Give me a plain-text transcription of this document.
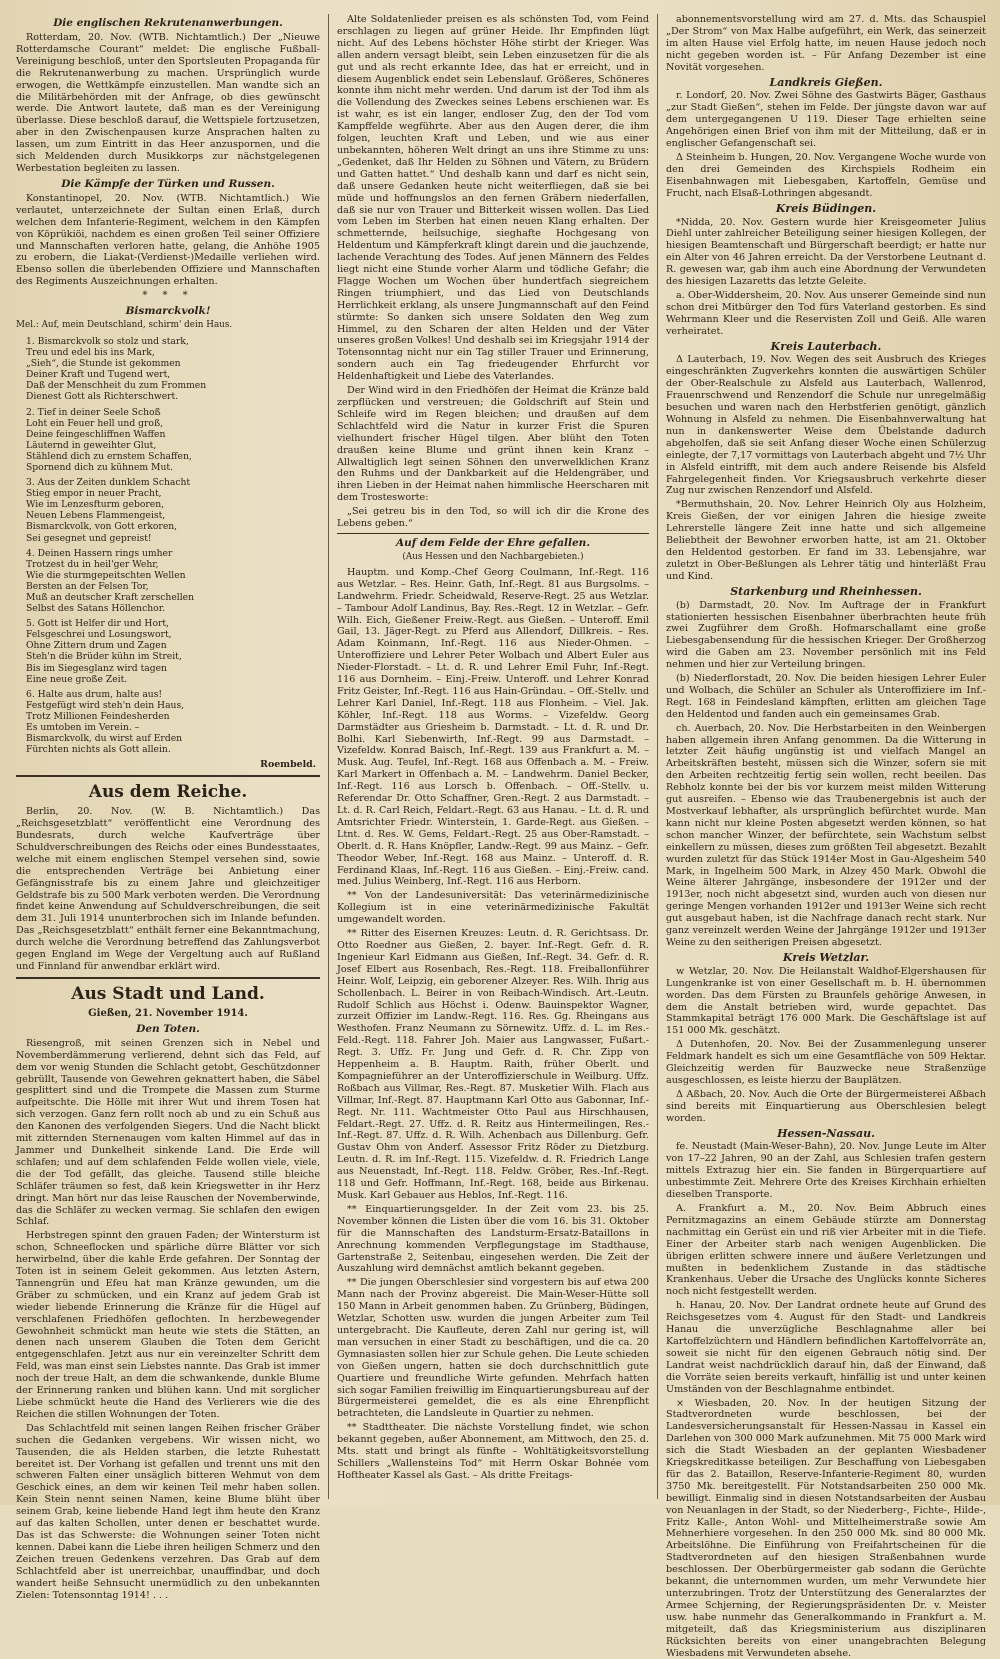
Die englischen Rekrutenanwerbungen.

Rotterdam, 20. Nov. (WTB. Nichtamtlich.) Der „Nieuwe Rotterdamsche Courant“ meldet: Die englische Fußball-Vereinigung beschloß, unter den Sportsleuten Propaganda für die Rekrutenanwerbung zu machen. Ursprünglich wurde erwogen, die Wettkämpfe einzustellen. Man wandte sich an die Militärbehörden mit der Anfrage, ob dies gewünscht werde. Die Antwort lautete, daß man es der Vereinigung überlasse. Diese beschloß darauf, die Wettspiele fortzusetzen, aber in den Zwischenpausen kurze Ansprachen halten zu lassen, um zum Eintritt in das Heer anzuspornen, und die sich Meldenden durch Musikkorps zur nächstgelegenen Werbestation begleiten zu lassen.

Die Kämpfe der Türken und Russen.

Konstantinopel, 20. Nov. (WTB. Nichtamtlich.) Wie verlautet, unterzeichnete der Sultan einen Erlaß, durch welchen dem Infanterie-Regiment, welchem in den Kämpfen von Köprükiöi, nachdem es einen großen Teil seiner Offiziere und Mannschaften verloren hatte, gelang, die Anhöhe 1905 zu erobern, die Liakat-(Verdienst-)Medaille verliehen wird. Ebenso sollen die überlebenden Offiziere und Mannschaften des Regiments Auszeichnungen erhalten.

* * *
Bismarckvolk!
Mel.: Auf, mein Deutschland, schirm' dein Haus.
1. Bismarckvolk so stolz und stark,
Treu und edel bis ins Mark,
„Sieh“, die Stunde ist gekommen
Deiner Kraft und Tugend wert,
Daß der Menschheit du zum Frommen
Dienest Gott als Richterschwert.
2. Tief in deiner Seele Schoß
Loht ein Feuer hell und groß,
Deine feingeschliffnen Waffen
Läuternd in geweihter Glut,
Stählend dich zu ernstem Schaffen,
Spornend dich zu kühnem Mut.
3. Aus der Zeiten dunklem Schacht
Stieg empor in neuer Pracht,
Wie im Lenzesfturm geboren,
Neuen Lebens Flammengeist,
Bismarckvolk, von Gott erkoren,
Sei gesegnet und gepreist!
4. Deinen Hassern rings umher
Trotzest du in heil'ger Wehr,
Wie die sturmgepeitschten Wellen
Bersten an der Felsen Tor,
Muß an deutscher Kraft zerschellen
Selbst des Satans Höllenchor.
5. Gott ist Helfer dir und Hort,
Felsgeschrei und Losungswort,
Ohne Zittern drum und Zagen
Steh'n die Brüder kühn im Streit,
Bis im Siegesglanz wird tagen
Eine neue große Zeit.
6. Halte aus drum, halte aus!
Festgefügt wird steh'n dein Haus,
Trotz Millionen Feindesherden
Es umtoben im Verein. –
Bismarckvolk, du wirst auf Erden
Fürchten nichts als Gott allein.
Roembeld.
Aus dem Reiche.

Berlin, 20. Nov. (W. B. Nichtamtlich.) Das „Reichsgesetzblatt“ veröffentlicht eine Verordnung des Bundesrats, durch welche Kaufverträge über Schuldverschreibungen des Reichs oder eines Bundesstaates, welche mit einem englischen Stempel versehen sind, sowie die entsprechenden Verträge bei Anbietung einer Gefängnisstrafe bis zu einem Jahre und gleichzeitiger Geldstrafe bis zu 500 Mark verboten werden. Die Verordnung findet keine Anwendung auf Schuldverschreibungen, die seit dem 31. Juli 1914 ununterbrochen sich im Inlande befunden. Das „Reichsgesetzblatt“ enthält ferner eine Bekanntmachung, durch welche die Verordnung betreffend das Zahlungsverbot gegen England im Wege der Vergeltung auch auf Rußland und Finnland für anwendbar erklärt wird.

Aus Stadt und Land.
Gießen, 21. November 1914.
Den Toten.

Riesengroß, mit seinen Grenzen sich in Nebel und Novemberdämmerung verlierend, dehnt sich das Feld, auf dem vor wenig Stunden die Schlacht getobt, Geschützdonner gebrüllt, Tausende von Gewehren geknattert haben, die Säbel gesplittert sind und die Trompete die Massen zum Sturme aufpeitschte. Die Hölle mit ihrer Wut und ihrem Tosen hat sich verzogen. Ganz fern rollt noch ab und zu ein Schuß aus den Kanonen des verfolgenden Siegers. Und die Nacht blickt mit zitternden Sternenaugen vom kalten Himmel auf das in Jammer und Dunkelheit sinkende Land. Die Erde will schlafen; und auf dem schlafenden Felde wollen viele, viele, die der Tod gefällt, das gleiche. Tausend stille bleiche Schläfer träumen so fest, daß kein Kriegswetter in ihr Herz dringt. Man hört nur das leise Rauschen der Novemberwinde, das die Schläfer zu wecken vermag. Sie schlafen den ewigen Schlaf.

Herbstregen spinnt den grauen Faden; der Wintersturm ist schon, Schneeflocken und spärliche dürre Blätter vor sich herwirbelnd, über die kahle Erde gefahren. Der Sonntag der Toten ist in seinem Geleit gekommen. Aus letzten Astern, Tannengrün und Efeu hat man Kränze gewunden, um die Gräber zu schmücken, und ein Kranz auf jedem Grab ist wieder liebende Erinnerung die Kränze für die Hügel auf verschlafenen Friedhöfen geflochten. In herzbewegender Gewohnheit schmückt man heute wie stets die Stätten, an denen nach unserem Glauben die Toten dem Gericht entgegenschlafen. Jetzt aus nur ein vereinzelter Schritt dem Feld, was man einst sein Liebstes nannte. Das Grab ist immer noch der treue Halt, an dem die schwankende, dunkle Blume der Erinnerung ranken und blühen kann. Und mit sorglicher Liebe schmückt heute die Hand des Verlierers wie die des Reichen die stillen Wohnungen der Toten.

Das Schlachtfeld mit seinen langen Reihen frischer Gräber suchen die Gedanken vergebens. Wir wissen nicht, wo Tausenden, die als Helden starben, die letzte Ruhestatt bereitet ist. Der Vorhang ist gefallen und trennt uns mit den schweren Falten einer unsäglich bitteren Wehmut von dem Geschick eines, an dem wir keinen Teil mehr haben sollen. Kein Stein nennt seinen Namen, keine Blume blüht über seinem Grab, keine liebende Hand legt ihm heute den Kranz auf das kalten Schollen, unter denen er beschattet wurde. Das ist das Schwerste: die Wohnungen seiner Toten nicht kennen. Dabei kann die Liebe ihren heiligen Schmerz und den Zeichen treuen Gedenkens verzehren. Das Grab auf dem Schlachtfeld aber ist unerreichbar, unauffindbar, und doch wandert heiße Sehnsucht unermüdlich zu den unbekannten Zielen: Totensonntag 1914! . . .

Alte Soldatenlieder preisen es als schönsten Tod, vom Feind erschlagen zu liegen auf grüner Heide. Ihr Empfinden lügt nicht. Auf des Lebens höchster Höhe stirbt der Krieger. Was allen andern versagt bleibt, sein Leben einzusetzen für die als gut und als recht erkannte Idee, das hat er erreicht, und in diesem Augenblick endet sein Lebenslauf. Größeres, Schöneres konnte ihm nicht mehr werden. Und darum ist der Tod ihm als die Vollendung des Zweckes seines Lebens erschienen war. Es ist wahr, es ist ein langer, endloser Zug, den der Tod vom Kampffelde wegführte. Aber aus den Augen derer, die ihm folgen, leuchten Kraft und Leben, und wie aus einer unbekannten, höheren Welt dringt an uns ihre Stimme zu uns: „Gedenket, daß Ihr Helden zu Söhnen und Vätern, zu Brüdern und Gatten hattet.“ Und deshalb kann und darf es nicht sein, daß unsere Gedanken heute nicht weiterfliegen, daß sie bei müde und hoffnungslos an den fernen Gräbern niederfallen, daß sie nur von Trauer und Bitterkeit wissen wollen. Das Lied vom Leben im Sterben hat einen neuen Klang erhalten. Der schmetternde, heilsuchige, sieghafte Hochgesang von Heldentum und Kämpferkraft klingt darein und die jauchzende, lachende Verachtung des Todes. Auf jenen Männern des Feldes liegt nicht eine Stunde vorher Alarm und tödliche Gefahr; die Flagge Wochen um Wochen über hundertfach siegreichem Ringen triumphiert, und das Lied von Deutschlands Herrlichkeit erklang, als unsere Jungmannschaft auf den Feind stürmte: So danken sich unsere Soldaten den Weg zum Himmel, zu den Scharen der alten Helden und der Väter unseres großen Volkes! Und deshalb sei im Kriegsjahr 1914 der Totensonntag nicht nur ein Tag stiller Trauer und Erinnerung, sondern auch ein Tag friedeugender Ehrfurcht vor Heldenhaftigkeit und Liebe des Vaterlandes.

Der Wind wird in den Friedhöfen der Heimat die Kränze bald zerpflücken und verstreuen; die Goldschrift auf Stein und Schleife wird im Regen bleichen; und draußen auf dem Schlachtfeld wird die Natur in kurzer Frist die Spuren vielhundert frischer Hügel tilgen. Aber blüht den Toten draußen keine Blume und grünt ihnen kein Kranz – Allwaltiglich legt seinen Söhnen den unverwelklichen Kranz den Ruhms und der Dankbarkeit auf die Heldengräber, und ihren Lieben in der Heimat nahen himmlische Heerscharen mit dem Trostesworte:

„Sei getreu bis in den Tod, so will ich dir die Krone des Lebens geben.“

Auf dem Felde der Ehre gefallen.
(Aus Hessen und den Nachbargebieten.)

Hauptm. und Komp.-Chef Georg Coulmann, Inf.-Regt. 116 aus Wetzlar. – Res. Heinr. Gath, Inf.-Regt. 81 aus Burgsolms. – Landwehrm. Friedr. Scheidwald, Reserve-Regt. 25 aus Wetzlar. – Tambour Adolf Landinus, Bay. Res.-Regt. 12 in Wetzlar. – Gefr. Wilh. Eich, Gießener Freiw.-Regt. aus Gießen. – Unteroff. Emil Gail, 13. Jäger-Regt. zu Pferd aus Allendorf, Dillkreis. – Res. Adam Koinmann, Inf.-Regt. 116 aus Nieder-Ohmen. – Unteroffiziere und Lehrer Peter Wolbach und Albert Euler aus Nieder-Florstadt. – Lt. d. R. und Lehrer Emil Fuhr, Inf.-Regt. 116 aus Dornheim. – Einj.-Freiw. Unteroff. und Lehrer Konrad Fritz Geister, Inf.-Regt. 116 aus Hain-Gründau. – Off.-Stellv. und Lehrer Karl Daniel, Inf.-Regt. 118 aus Flonheim. – Viel. Jak. Köhler, Inf.-Regt. 118 aus Worms. – Vizefeldw. Georg Darmstädter aus Griesheim b. Darmstadt. – Lt. d. R. und Dr. Bolhi. Karl Siebenwirth, Inf.-Regt. 99 aus Darmstadt. – Vizefeldw. Konrad Baisch, Inf.-Regt. 139 aus Frankfurt a. M. – Musk. Aug. Teufel, Inf.-Regt. 168 aus Offenbach a. M. – Freiw. Karl Markert in Offenbach a. M. – Landwehrm. Daniel Becker, Inf.-Regt. 116 aus Lorsch b. Offenbach. – Off.-Stellv. u. Referendar Dr. Otto Schaffner, Gren.-Regt. 2 aus Darmstadt. – Lt. d. R. Carl Reich, Feldart.-Regt. 63 aus Hanau. – Lt. d. R. und Amtsrichter Friedr. Winterstein, 1. Garde-Regt. aus Gießen. – Ltnt. d. Res. W. Gems, Feldart.-Regt. 25 aus Ober-Ramstadt. – Oberlt. d. R. Hans Knöpfler, Landw.-Regt. 99 aus Mainz. – Gefr. Theodor Weber, Inf.-Regt. 168 aus Mainz. – Unteroff. d. R. Ferdinand Klaas, Inf.-Regt. 116 aus Gießen. – Einj.-Freiw. cand. med. Julius Weinberg, Inf.-Regt. 116 aus Herborn.

** Von der Landesuniversität: Das veterinärmedizinische Kollegium ist in eine veterinärmedizinische Fakultät umgewandelt worden.

** Ritter des Eisernen Kreuzes: Leutn. d. R. Gerichtsass. Dr. Otto Roedner aus Gießen, 2. bayer. Inf.-Regt. Gefr. d. R. Ingenieur Karl Eidmann aus Gießen, Inf.-Regt. 34. Gefr. d. R. Josef Elbert aus Rosenbach, Res.-Regt. 118. Freiballonführer Heinr. Wolf, Leipzig, ein geborener Alzeyer. Res. Wilh. Ihrig aus Schollenbach. L. Beirer in von Reibach-Windisch. Art.-Leutn. Rudolf Schlich aus Höchst i. Odenw. Bauinspektor Wagner, zurzeit Offizier im Landw.-Regt. 116. Res. Gg. Rheingans aus Westhofen. Franz Neumann zu Sörnewitz. Uffz. d. L. im Res.-Feld.-Regt. 118. Fahrer Joh. Maier aus Langwasser, Fußart.-Regt. 3. Uffz. Fr. Jung und Gefr. d. R. Chr. Zipp von Heppenheim a. B. Hauptm. Raith, früher Oberlt. und Kompagnieführer an der Unteroffizierschule in Weilburg. Uffz. Roßbach aus Villmar, Res.-Regt. 87. Musketier Wilh. Flach aus Villmar, Inf.-Regt. 87. Hauptmann Karl Otto aus Gabonnar, Inf.-Regt. Nr. 111. Wachtmeister Otto Paul aus Hirschhausen, Feldart.-Regt. 27. Uffz. d. R. Reitz aus Hintermeilingen, Res.-Inf.-Regt. 87. Uffz. d. R. Wilh. Achenbach aus Dillenburg. Gefr. Gustav Ohm von Anderf. Assessor Fritz Röder zu Dietzburg. Leutn. d. R. im Inf.-Regt. 115. Vizefeldw. d. R. Friedrich Lange aus Neuenstadt, Inf.-Regt. 118. Feldw. Gröber, Res.-Inf.-Regt. 118 und Gefr. Hoffmann, Inf.-Regt. 168, beide aus Birkenau. Musk. Karl Gebauer aus Heblos, Inf.-Regt. 116.

** Einquartierungsgelder. In der Zeit vom 23. bis 25. November können die Listen über die vom 16. bis 31. Oktober für die Mannschaften des Landsturm-Ersatz-Bataillons in Anrechnung kommenden Verpflegungstage im Stadthause, Gartenstraße 2, Seitenbau, eingesehen werden. Die Zeit der Auszahlung wird demnächst amtlich bekannt gegeben.

** Die jungen Oberschlesier sind vorgestern bis auf etwa 200 Mann nach der Provinz abgereist. Die Main-Weser-Hütte soll 150 Mann in Arbeit genommen haben. Zu Grünberg, Büdingen, Wetzlar, Schotten usw. wurden die jungen Arbeiter zum Teil untergebracht. Die Kaufleute, deren Zahl nur gering ist, will man versuchen in einer Stadt zu beschäftigen, und die ca. 20 Gymnasiasten sollen hier zur Schule gehen. Die Leute schieden von Gießen ungern, hatten sie doch durchschnittlich gute Quartiere und freundliche Wirte gefunden. Mehrfach hatten sich sogar Familien freiwillig im Einquartierungsbureau auf der Bürgermeisterei gemeldet, die es als eine Ehrenpflicht betrachteten, die Landsleute in Quartier zu nehmen.

** Stadttheater. Die nächste Vorstellung findet, wie schon bekannt gegeben, außer Abonnement, am Mittwoch, den 25. d. Mts. statt und bringt als fünfte – Wohltätigkeitsvorstellung Schillers „Wallensteins Tod“ mit Herrn Oskar Bohnée vom Hoftheater Kassel als Gast. – Als dritte Freitags-

abonnementsvorstellung wird am 27. d. Mts. das Schauspiel „Der Strom“ von Max Halbe aufgeführt, ein Werk, das seinerzeit im alten Hause viel Erfolg hatte, im neuen Hause jedoch noch nicht gegeben worden ist. – Für Anfang Dezember ist eine Novität vorgesehen.

Landkreis Gießen.

r. Londorf, 20. Nov. Zwei Söhne des Gastwirts Bäger, Gasthaus „zur Stadt Gießen“, stehen im Felde. Der jüngste davon war auf dem untergegangenen U 119. Dieser Tage erhielten seine Angehörigen einen Brief von ihm mit der Mitteilung, daß er in englischer Gefangenschaft sei.

Δ Steinheim b. Hungen, 20. Nov. Vergangene Woche wurde von den drei Gemeinden des Kirchspiels Rodheim ein Eisenbahnwagen mit Liebesgaben, Kartoffeln, Gemüse und Frucht, nach Elsaß-Lothringen abgesandt.

Kreis Büdingen.

*Nidda, 20. Nov. Gestern wurde hier Kreisgeometer Julius Diehl unter zahlreicher Beteiligung seiner hiesigen Kollegen, der hiesigen Beamtenschaft und Bürgerschaft beerdigt; er hatte nur ein Alter von 46 Jahren erreicht. Da der Verstorbene Leutnant d. R. gewesen war, gab ihm auch eine Abordnung der Verwundeten des hiesigen Lazaretts das letzte Geleite.

a. Ober-Widdersheim, 20. Nov. Aus unserer Gemeinde sind nun schon drei Mitbürger den Tod fürs Vaterland gestorben. Es sind Wehrmann Kleer und die Reservisten Zoll und Geiß. Alle waren verheiratet.

Kreis Lauterbach.

Δ Lauterbach, 19. Nov. Wegen des seit Ausbruch des Krieges eingeschränkten Zugverkehrs konnten die auswärtigen Schüler der Ober-Realschule zu Alsfeld aus Lauterbach, Wallenrod, Frauenrschwend und Renzendorf die Schule nur unregelmäßig besuchen und waren nach den Herbstferien genötigt, gänzlich Wohnung in Alsfeld zu nehmen. Die Eisenbahnverwaltung hat nun in dankenswerter Weise dem Übelstande dadurch abgeholfen, daß sie seit Anfang dieser Woche einen Schülerzug einlegte, der 7,17 vormittags von Lauterbach abgeht und 7½ Uhr in Alsfeld eintrifft, mit dem auch andere Reisende bis Alsfeld Fahrgelegenheit finden. Vor Kriegsausbruch verkehrte dieser Zug nur zwischen Renzendorf und Alsfeld.

*Bermuthshain, 20. Nov. Lehrer Heinrich Oly aus Holzheim, Kreis Gießen, der vor einigen Jahren die hiesige zweite Lehrerstelle längere Zeit inne hatte und sich allgemeine Beliebtheit der Bewohner erworben hatte, ist am 21. Oktober den Heldentod gestorben. Er fand im 33. Lebensjahre, war zuletzt in Ober-Beßlungen als Lehrer tätig und hinterläßt Frau und Kind.

Starkenburg und Rheinhessen.

(b) Darmstadt, 20. Nov. Im Auftrage der in Frankfurt stationierten hessischen Eisenbahner überbrachten heute früh zwei Zugführer dem Großh. Hofmarschallamt eine große Liebesgabensendung für die hessischen Krieger. Der Großherzog wird die Gaben am 23. November persönlich mit ins Feld nehmen und hier zur Verteilung bringen.

(b) Niederflorstadt, 20. Nov. Die beiden hiesigen Lehrer Euler und Wolbach, die Schüler an Schuler als Unteroffiziere im Inf.-Regt. 168 in Feindesland kämpften, erlitten am gleichen Tage den Heldentod und fanden auch ein gemeinsames Grab.

ch. Auerbach, 20. Nov. Die Herbstarbeiten in den Weinbergen haben allgemein ihren Anfang genommen. Da die Witterung in letzter Zeit häufig ungünstig ist und vielfach Mangel an Arbeitskräften besteht, müssen sich die Winzer, sofern sie mit den Arbeiten rechtzeitig fertig sein wollen, recht beeilen. Das Rebholz konnte bei der bis vor kurzem meist milden Witterung gut ausreifen. – Ebenso wie das Traubenergebnis ist auch der Mostverkauf lebhafter, als ursprünglich befürchtet wurde. Man kann nicht nur kleine Posten abgesetzt werden können, so hat schon mancher Winzer, der befürchtete, sein Wachstum selbst einkellern zu müssen, dieses zum größten Teil abgesetzt. Bezahlt wurden zuletzt für das Stück 1914er Most in Gau-Algesheim 540 Mark, in Ingelheim 500 Mark, in Alzey 450 Mark. Obwohl die Weine älterer Jahrgänge, insbesondere der 1912er und der 1913er, noch nicht abgesetzt sind, wurden auch von diesen nur geringe Mengen vorhanden 1912er und 1913er Weine sich recht gut ausgebaut haben, ist die Nachfrage danach recht stark. Nur ganz vereinzelt werden Weine der Jahrgänge 1912er und 1913er Weine zu den seitherigen Preisen abgesetzt.

Kreis Wetzlar.

w Wetzlar, 20. Nov. Die Heilanstalt Waldhof-Elgershausen für Lungenkranke ist von einer Gesellschaft m. b. H. übernommen worden. Das dem Fürsten zu Braunfels gehörige Anwesen, in dem die Anstalt betrieben wird, wurde gepachtet. Das Stammkapital beträgt 176 000 Mark. Die Geschäftslage ist auf 151 000 Mk. geschätzt.

Δ Dutenhofen, 20. Nov. Bei der Zusammenlegung unserer Feldmark handelt es sich um eine Gesamtfläche von 509 Hektar. Gleichzeitig werden für Bauzwecke neue Straßenzüge ausgeschlossen, es leiste hierzu der Bauplätzen.

Δ Aßbach, 20. Nov. Auch die Orte der Bürgermeisterei Aßbach sind bereits mit Einquartierung aus Oberschlesien belegt worden.

Hessen-Nassau.

fe. Neustadt (Main-Weser-Bahn), 20. Nov. Junge Leute im Alter von 17–22 Jahren, 90 an der Zahl, aus Schlesien trafen gestern mittels Extrazug hier ein. Sie fanden in Bürgerquartiere auf unbestimmte Zeit. Mehrere Orte des Kreises Kirchhain erhielten dieselben Transporte.

A. Frankfurt a. M., 20. Nov. Beim Abbruch eines Pernitzmagazins an einem Gebäude stürzte am Donnerstag nachmittag ein Gerüst ein und riß vier Arbeiter mit in die Tiefe. Einer der Arbeiter starb nach wenigen Augenblicken. Die übrigen erlitten schwere innere und äußere Verletzungen und mußten in bedenklichem Zustande in das städtische Krankenhaus. Ueber die Ursache des Unglücks konnte Sicheres noch nicht festgestellt werden.

h. Hanau, 20. Nov. Der Landrat ordnete heute auf Grund des Reichsgesetzes vom 4. August für den Stadt- und Landkreis Hanau die unverzügliche Beschlagnahme aller bei Kartoffelzüchtern und Händlern befindlichen Kartoffelvorräte an, soweit sie nicht für den eigenen Gebrauch nötig sind. Der Landrat weist nachdrücklich darauf hin, daß der Einwand, daß die Vorräte seien bereits verkauft, hinfällig ist und unter keinen Umständen von der Beschlagnahme entbindet.

× Wiesbaden, 20. Nov. In der heutigen Sitzung der Stadtverordneten wurde beschlossen, bei der Landesversicherungsanstalt für Hessen-Nassau in Kassel ein Darlehen von 300 000 Mark aufzunehmen. Mit 75 000 Mark wird sich die Stadt Wiesbaden an der geplanten Wiesbadener Kriegskreditkasse beteiligen. Zur Beschaffung von Liebesgaben für das 2. Bataillon, Reserve-Infanterie-Regiment 80, wurden 3750 Mk. bereitgestellt. Für Notstandsarbeiten 250 000 Mk. bewilligt. Einmalig sind in diesen Notstandsarbeiten der Ausbau von Neuanlagen in der Stadt, so der Niederberg-, Fichte-, Hilde-, Fritz Kalle-, Anton Wohl- und Mittelheimerstraße sowie Am Mehnerhiere vorgesehen. In den 250 000 Mk. sind 80 000 Mk. Arbeitslöhne. Die Einführung von Freifahrtscheinen für die Stadtverordneten auf den hiesigen Straßenbahnen wurde beschlossen. Der Oberbürgermeister gab sodann die Gerüchte bekannt, die unternommen wurden, um mehr Verwundete hier unterzubringen. Trotz der Unterstützung des Generalarztes der Armee Schjerning, der Regierungspräsidenten Dr. v. Meister usw. habe nunmehr das Generalkommando in Frankfurt a. M. mitgeteilt, daß das Kriegsministerium aus disziplinaren Rücksichten bereits von einer unangebrachten Belegung Wiesbadens mit Verwundeten absehe.
